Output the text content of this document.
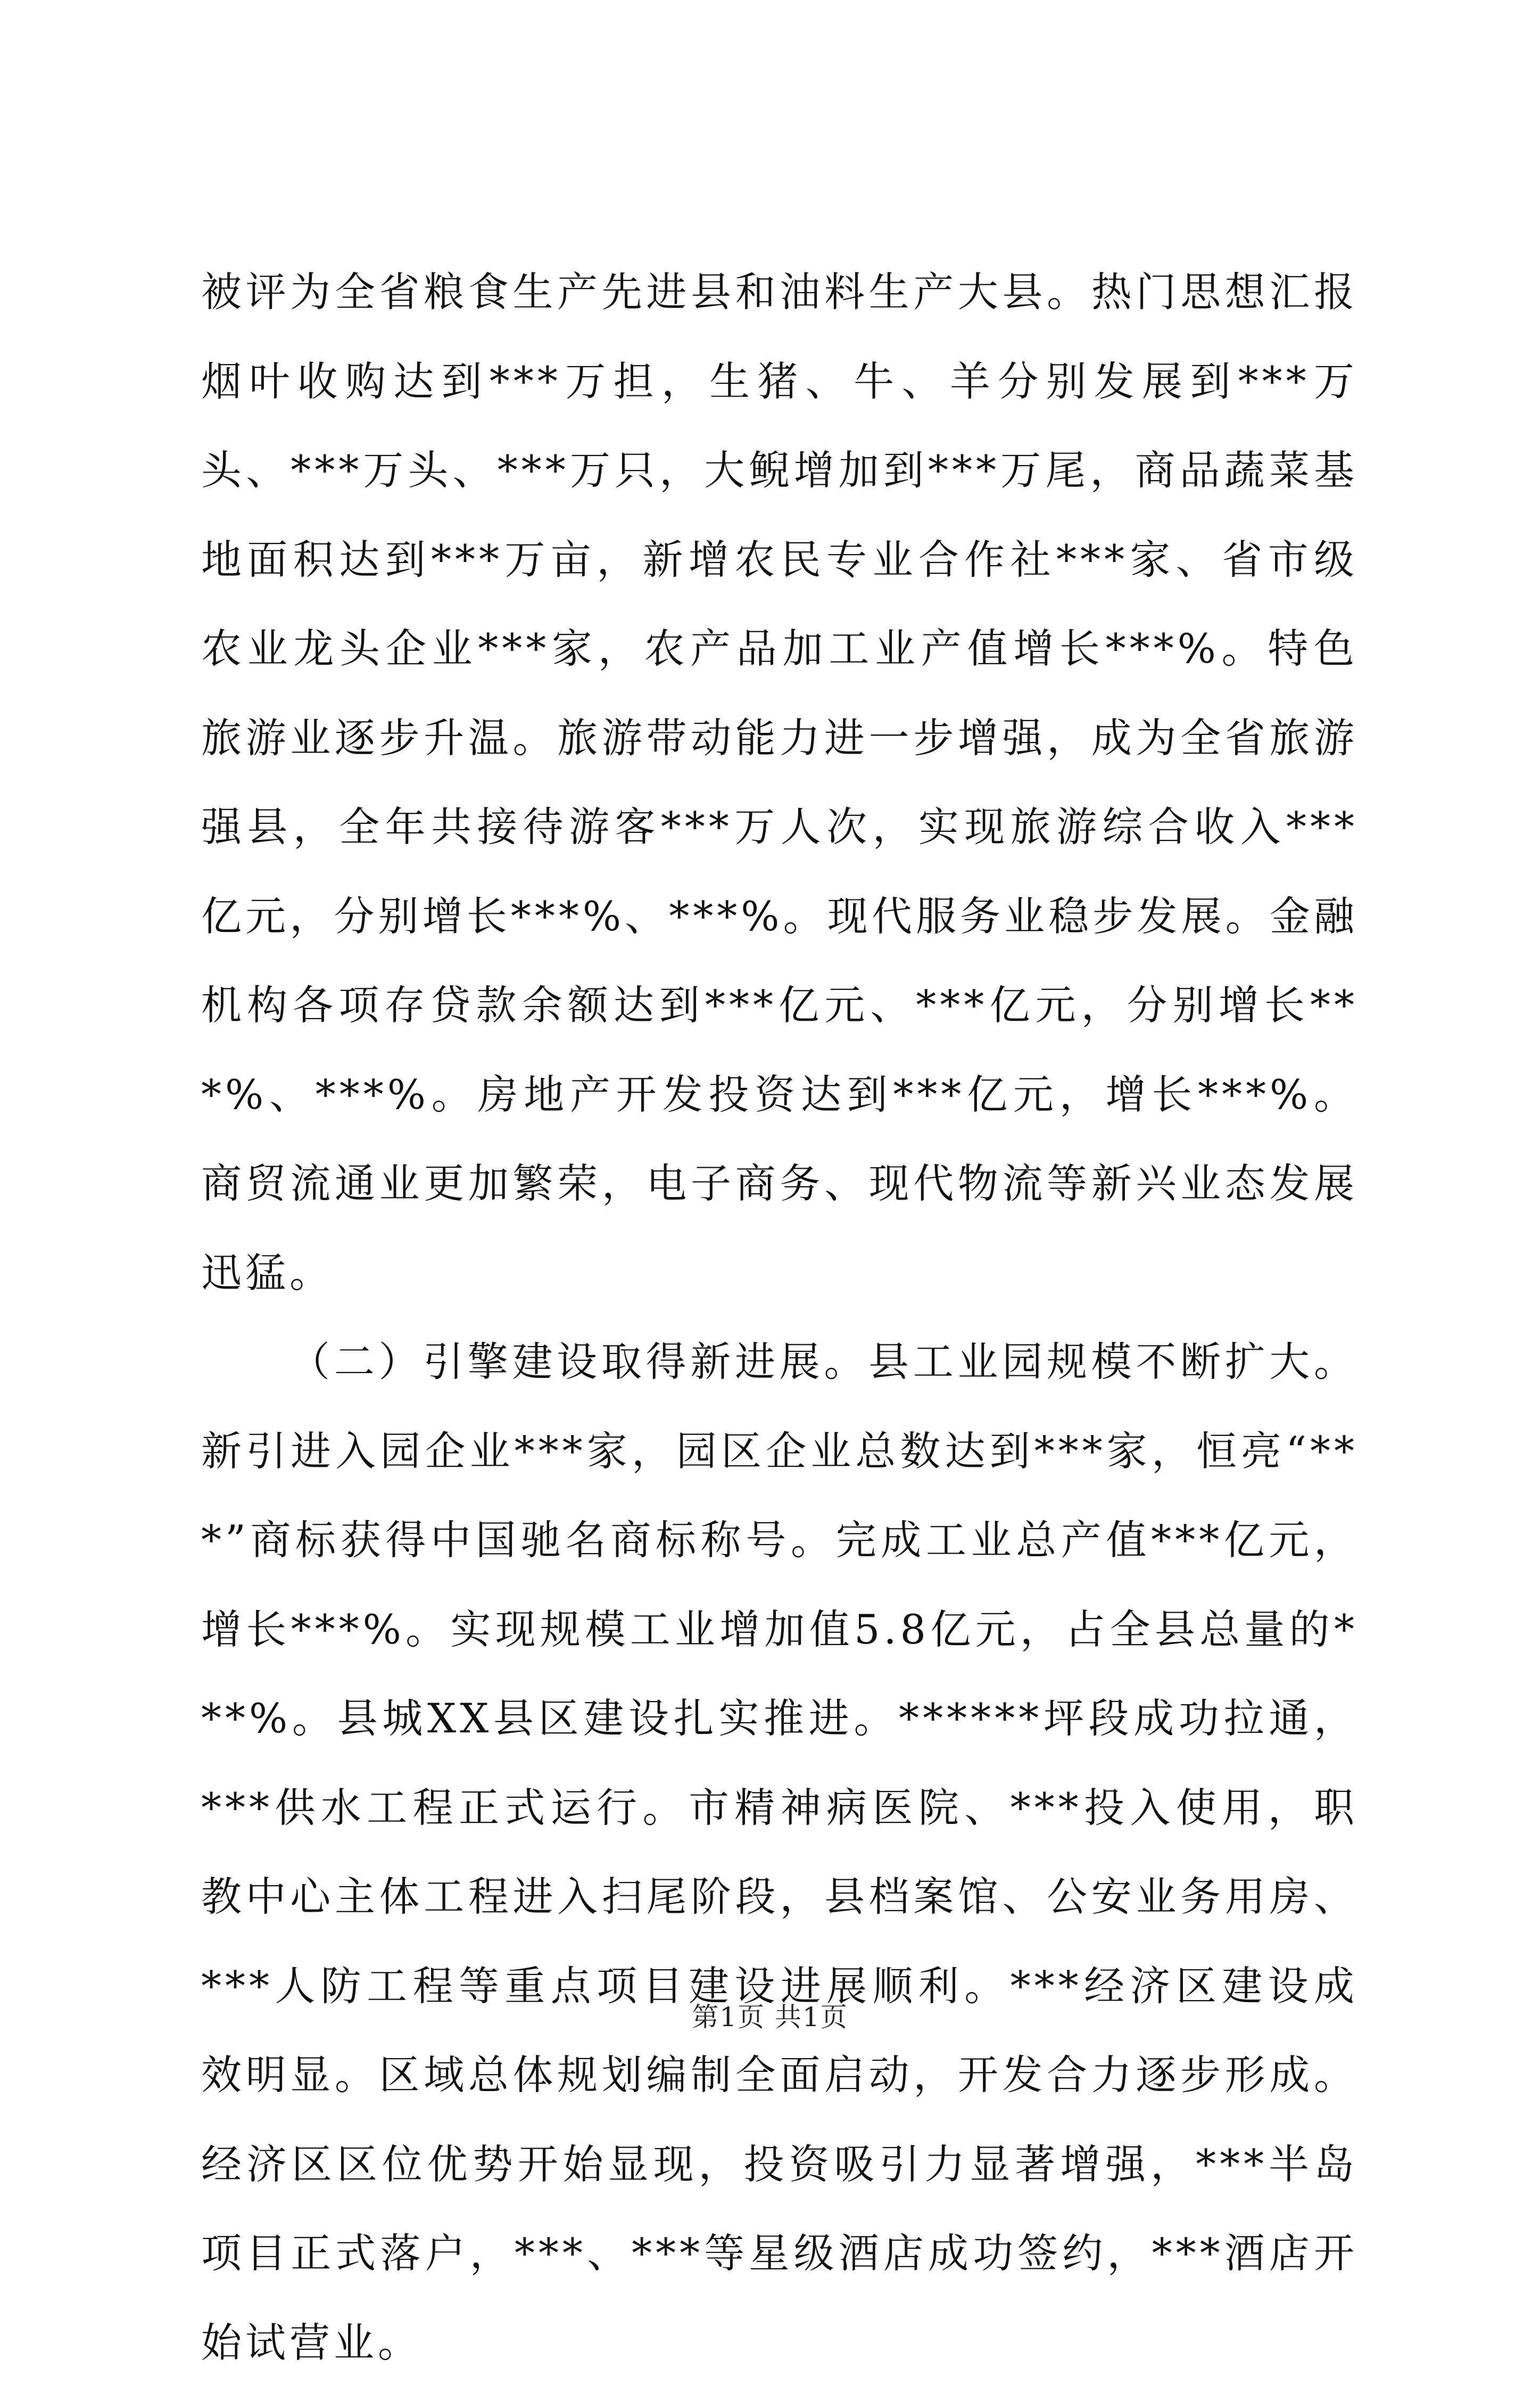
被评为全省粮食生产先进县和油料生产大县。热门思想汇报烟叶收购达到***万担，生猪、牛、羊分别发展到***万头、***万头、***万只，大鲵增加到***万尾，商品蔬菜基地面积达到***万亩，新增农民专业合作社***家、省市级农业龙头企业***家，农产品加工业产值增长***%。特色旅游业逐步升温。旅游带动能力进一步增强，成为全省旅游强县，全年共接待游客***万人次，实现旅游综合收入***亿元，分别增长***%、***%。现代服务业稳步发展。金融机构各项存贷款余额达到***亿元、***亿元，分别增长***%、***%。房地产开发投资达到***亿元，增长***%。商贸流通业更加繁荣，电子商务、现代物流等新兴业态发展迅猛。

（二）引擎建设取得新进展。县工业园规模不断扩大。新引进入园企业***家，园区企业总数达到***家，恒亮“***”商标获得中国驰名商标称号。完成工业总产值***亿元，增长***%。实现规模工业增加值5.8亿元，占全县总量的***%。县城XX县区建设扎实推进。******坪段成功拉通，***供水工程正式运行。市精神病医院、***投入使用，职教中心主体工程进入扫尾阶段，县档案馆、公安业务用房、***人防工程等重点项目建设进展顺利。***经济区建设成效明显。区域总体规划编制全面启动，开发合力逐步形成。经济区区位优势开始显现，投资吸引力显著增强，***半岛项目正式落户，***、***等星级酒店成功签约，***酒店开始试营业。

第1页 共1页
